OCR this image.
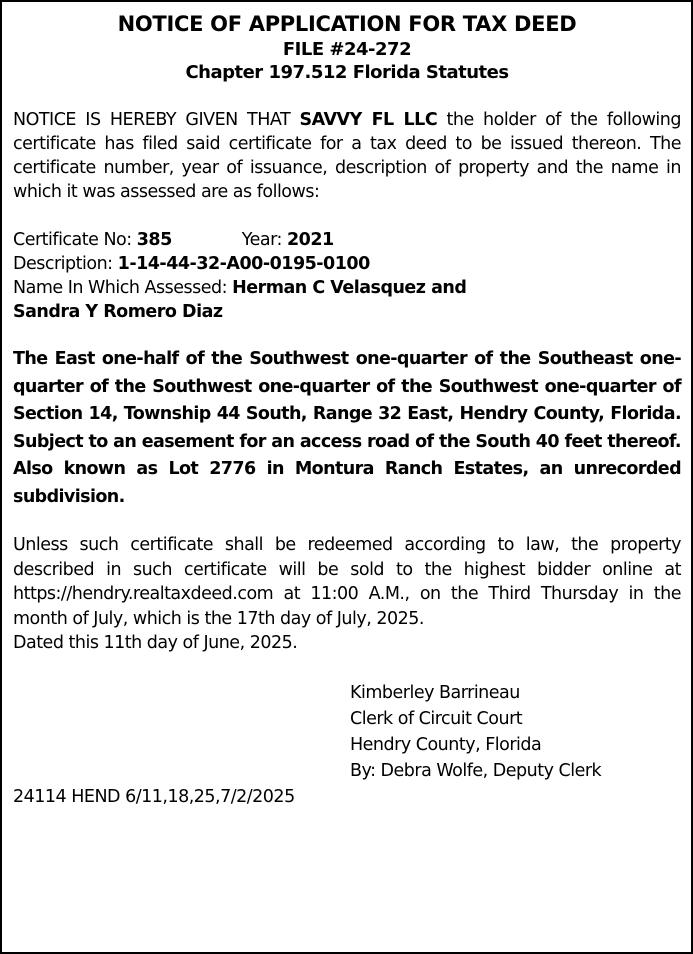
NOTICE OF APPLICATION FOR TAX DEED
FILE #24-272
Chapter 197.512 Florida Statutes

NOTICE IS HEREBY GIVEN THAT SAVVY FL LLC the holder of the following certificate has filed said certificate for a tax deed to be issued thereon. The certificate number, year of issuance, description of property and the name in which it was assessed are as follows:

Certificate No: 385	Year: 2021
Description: 1-14-44-32-A00-0195-0100
Name In Which Assessed: Herman C Velasquez and
Sandra Y Romero Diaz

The East one-half of the Southwest one-quarter of the Southeast one-quarter of the Southwest one-quarter of the Southwest one-quarter of Section 14, Township 44 South, Range 32 East, Hendry County, Florida. Subject to an easement for an access road of the South 40 feet thereof. Also known as Lot 2776 in Montura Ranch Estates, an unrecorded subdivision.

Unless such certificate shall be redeemed according to law, the property described in such certificate will be sold to the highest bidder online at https://hendry.realtaxdeed.com at 11:00 A.M., on the Third Thursday in the month of July, which is the 17th day of July, 2025.

Dated this 11th day of June, 2025.
Kimberley Barrineau
Clerk of Circuit Court
Hendry County, Florida
By: Debra Wolfe, Deputy Clerk
24114 HEND 6/11,18,25,7/2/2025
